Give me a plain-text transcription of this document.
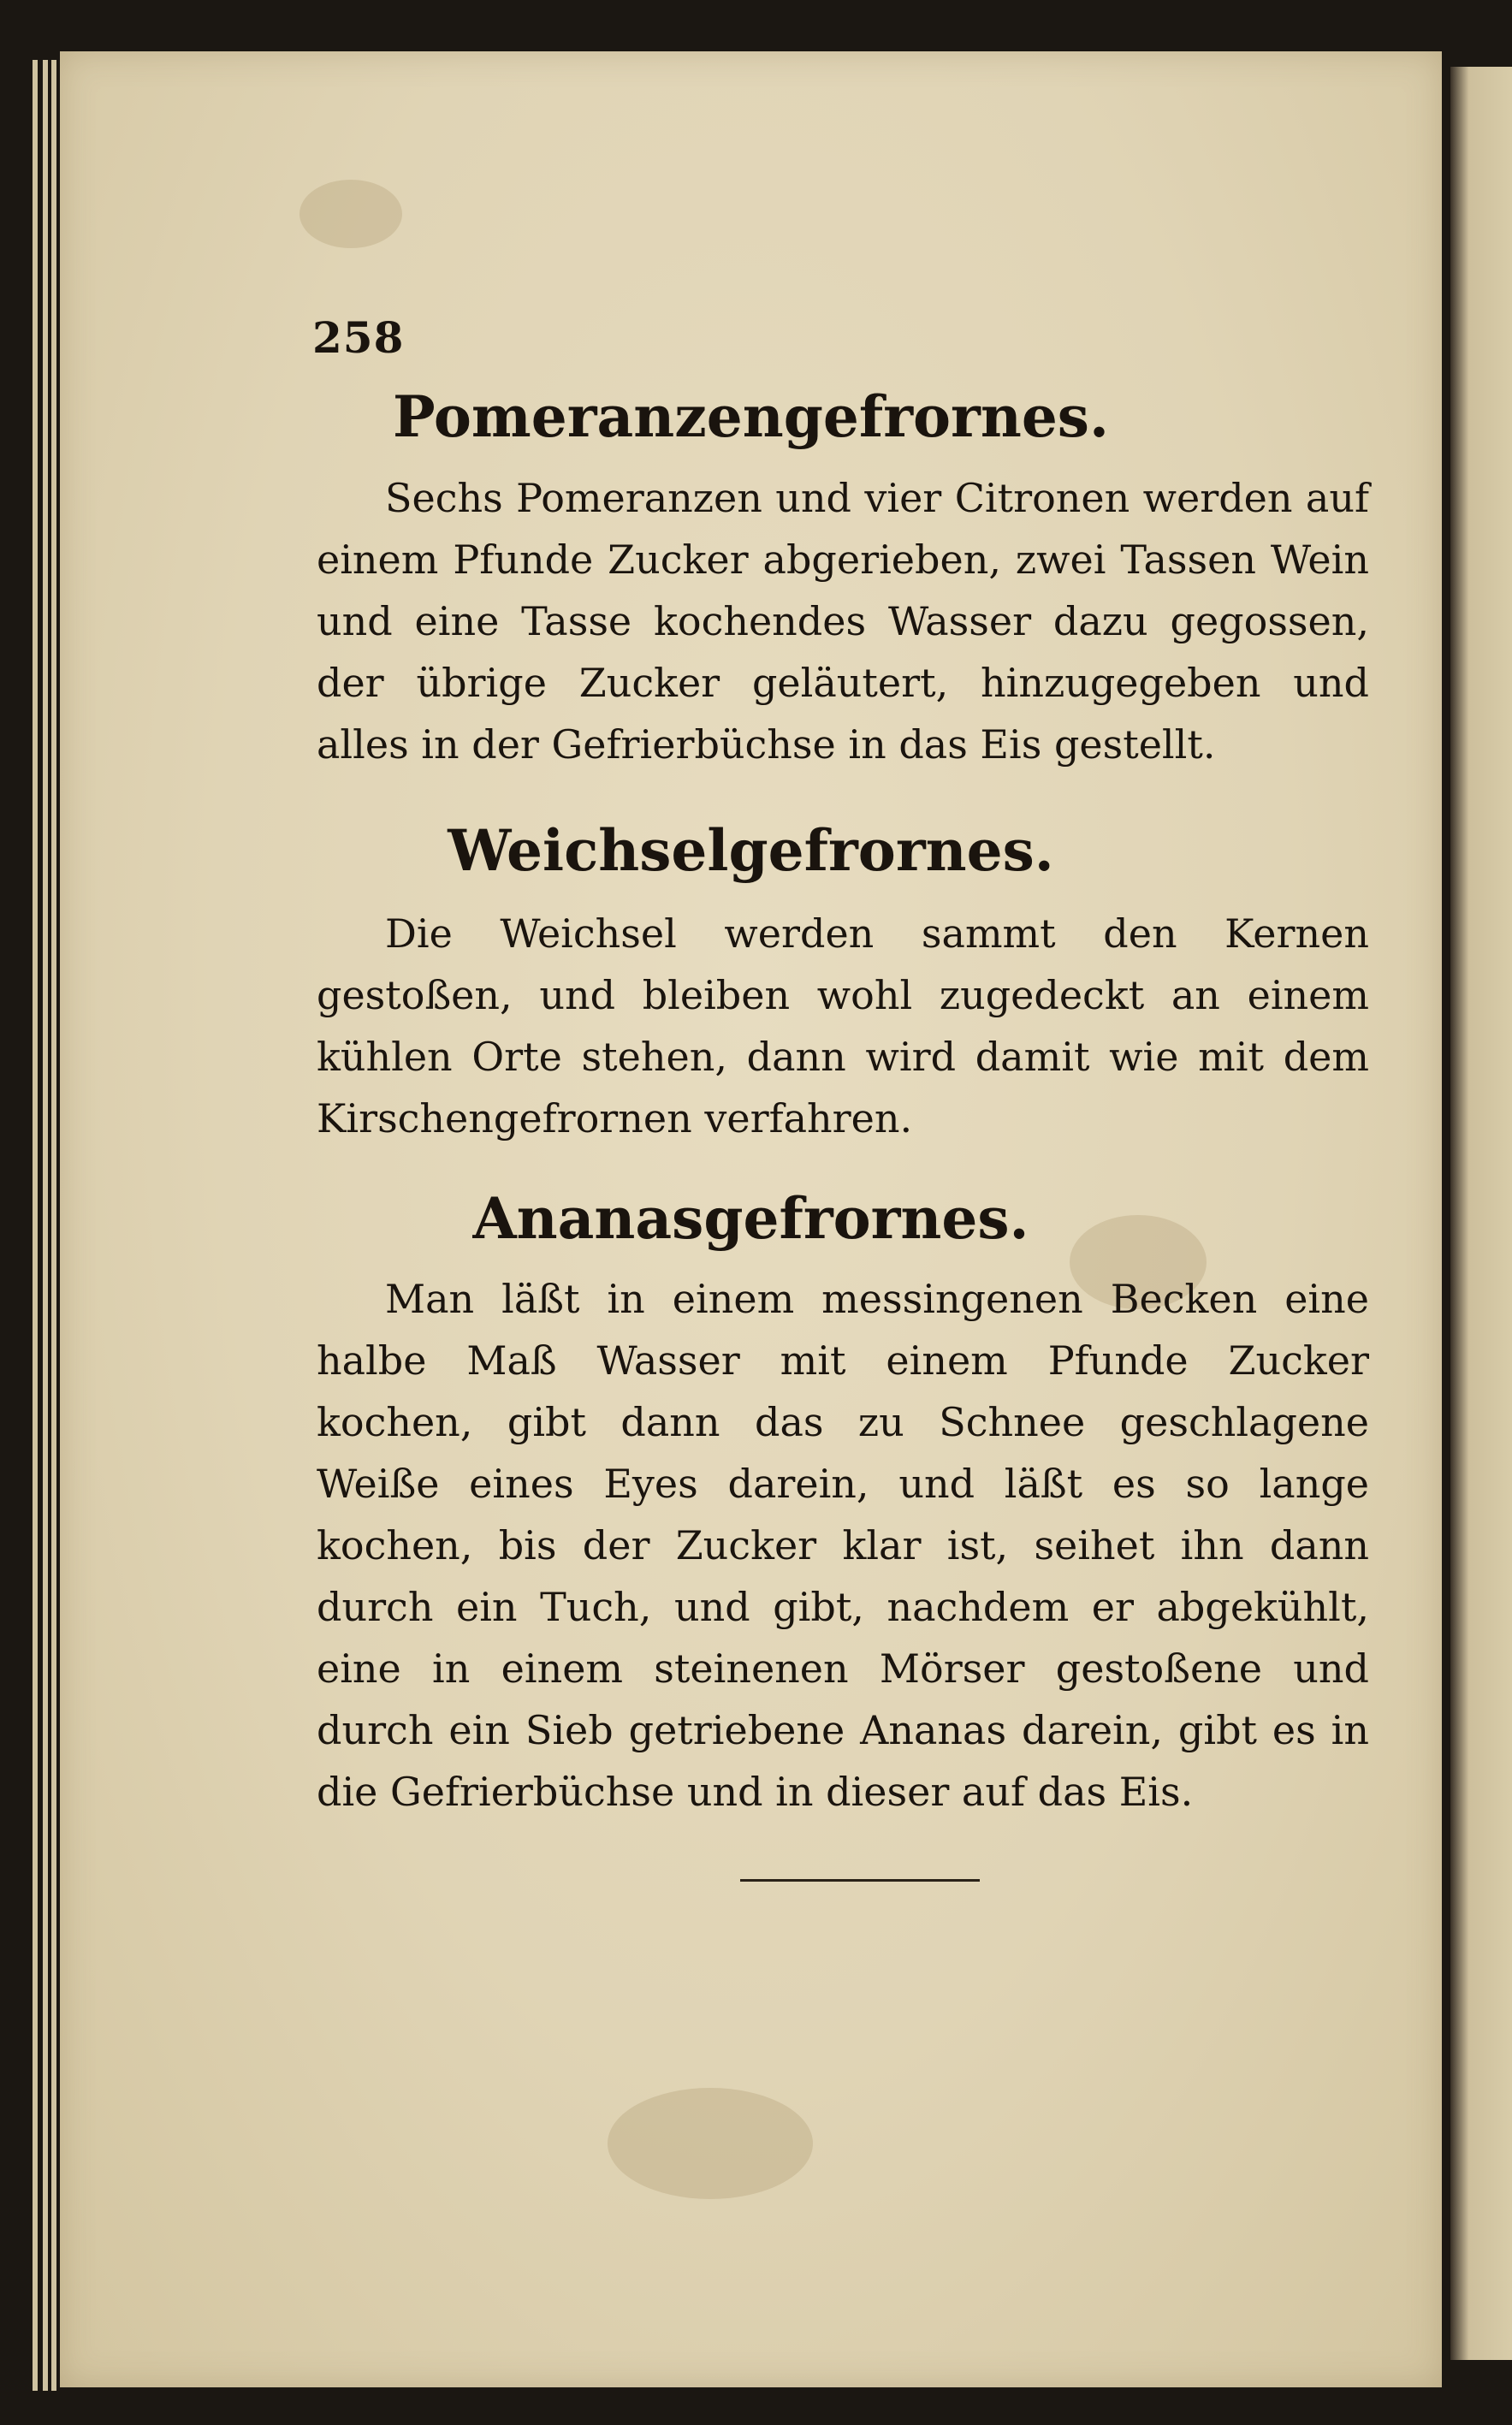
258
Pomeranzengefrornes.
Sechs Pomeranzen und vier Citronen werden auf einem Pfunde Zucker abgerieben, zwei Tassen Wein und eine Tasse kochendes Wasser dazu gegossen, der übrige Zucker geläutert, hinzugegeben und alles in der Gefrierbüchse in das Eis gestellt.
Weichselgefrornes.
Die Weichsel werden sammt den Kernen gestoßen, und bleiben wohl zugedeckt an einem kühlen Orte stehen, dann wird damit wie mit dem Kirschengefrornen verfahren.
Ananasgefrornes.
Man läßt in einem messingenen Becken eine halbe Maß Wasser mit einem Pfunde Zucker kochen, gibt dann das zu Schnee geschlagene Weiße eines Eyes darein, und läßt es so lange kochen, bis der Zucker klar ist, seihet ihn dann durch ein Tuch, und gibt, nachdem er abgekühlt, eine in einem steinenen Mörser gestoßene und durch ein Sieb getriebene Ananas darein, gibt es in die Gefrierbüchse und in dieser auf das Eis.
